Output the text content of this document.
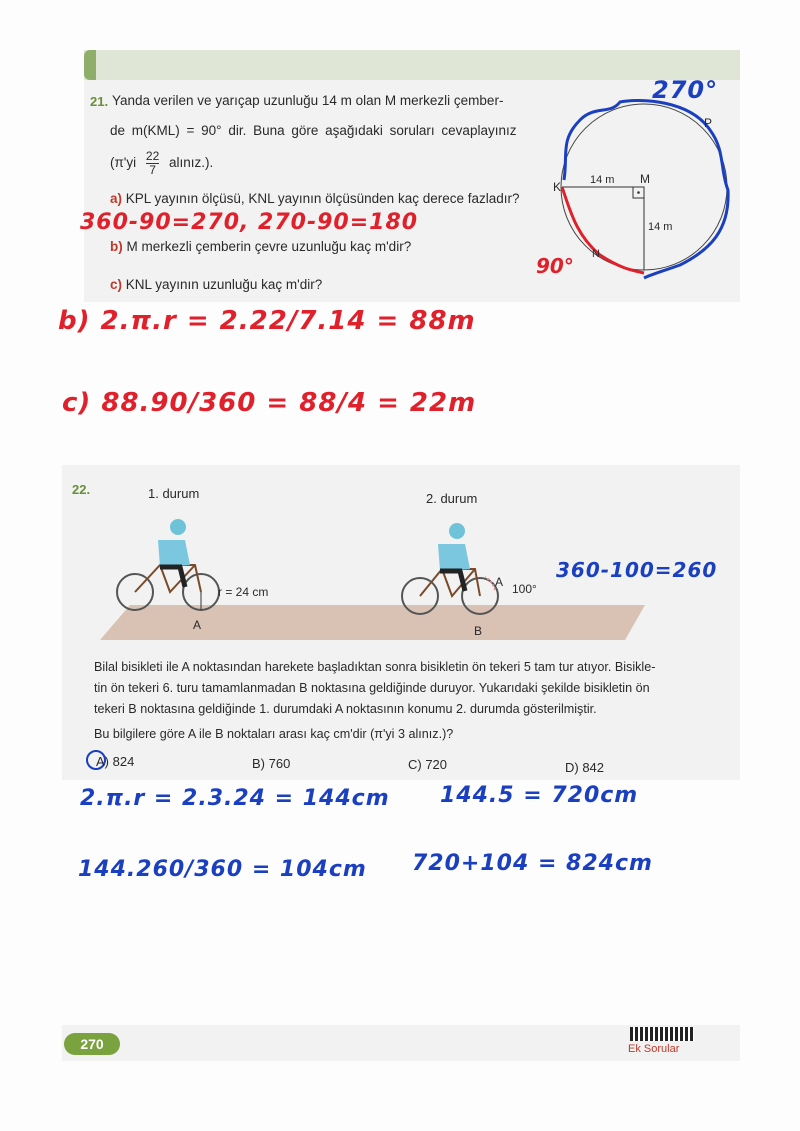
21. Yanda verilen ve yarıçap uzunluğu 14 m olan M merkezli çember-
de m(KML) = 90° dir. Buna göre aşağıdaki soruları cevaplayınız
($\pi'yi \frac{22}{7}$ alınız.).
a) KPL yayının ölçüsü, KNL yayının ölçüsünden kaç derece fazladır?
b) M merkezli çemberin çevre uzunluğu kaç m'dir?
c) KNL yayının uzunluğu kaç m'dir?
K
M
P
N
14 m
14 m
270°
90°
360-90=270, 270-90=180
b) 2.π.r = 2.22/7.14 = 88m
c) 88.90/360 = 88/4 = 22m
22.	1. durum	2. durum
r = 24 cm
A
A
B
100°
360-100=260
Bilal bisikleti ile A noktasından harekete başladıktan sonra bisikletin ön tekeri 5 tam tur atıyor. Bisikle-
tin ön tekeri 6. turu tamamlanmadan B noktasına geldiğinde duruyor. Yukarıdaki şekilde bisikletin ön
tekeri B noktasına geldiğinde 1. durumdaki A noktasının konumu 2. durumda gösterilmiştir.
Bu bilgilere göre A ile B noktaları arası kaç cm'dir (π'yi 3 alınız.)?
A) 824	B) 760	C) 720	D) 842
2.π.r = 2.3.24 = 144cm 144.5 = 720cm
144.260/360 = 104cm 720+104 = 824cm
270	Ek Sorular
